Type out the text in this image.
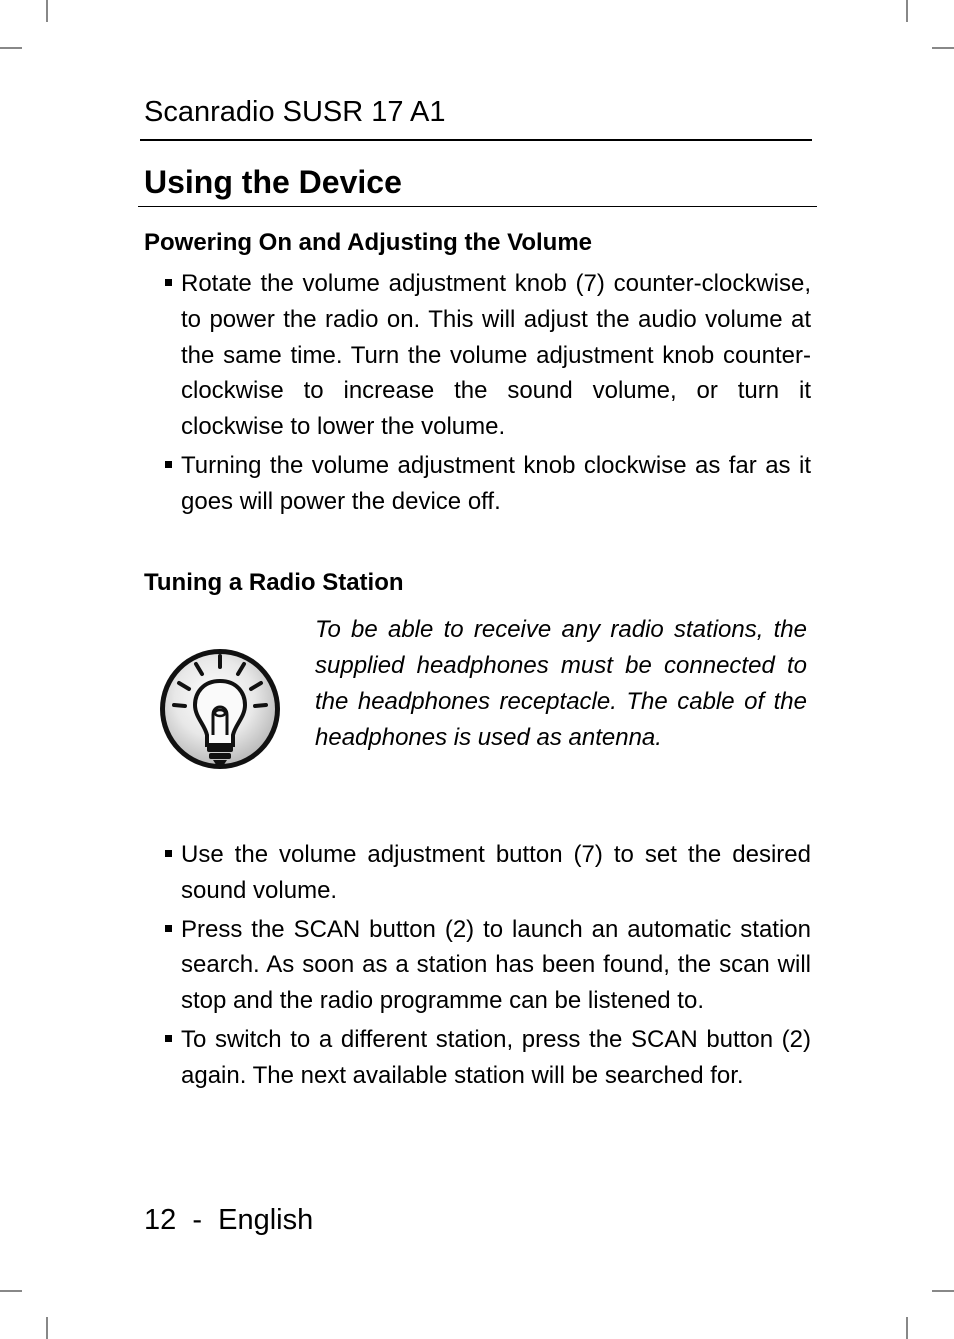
Scanradio SUSR 17 A1
Using the Device
Powering On and Adjusting the Volume
Rotate the volume adjustment knob (7) counter-clockwise, to power the radio on. This will adjust the audio volume at the same time. Turn the volume adjustment knob counter-clockwise to increase the sound volume, or turn it clockwise to lower the volume.
Turning the volume adjustment knob clockwise as far as it goes will power the device off.
Tuning a Radio Station

To be able to receive any radio stations, the supplied headphones must be connected to the headphones receptacle. The cable of the headphones is used as antenna.

Use the volume adjustment button (7) to set the desired sound volume.
Press the SCAN button (2) to launch an automatic station search. As soon as a station has been found, the scan will stop and the radio programme can be listened to.
To switch to a different station, press the SCAN button (2) again. The next available station will be searched for.
12  -  English
